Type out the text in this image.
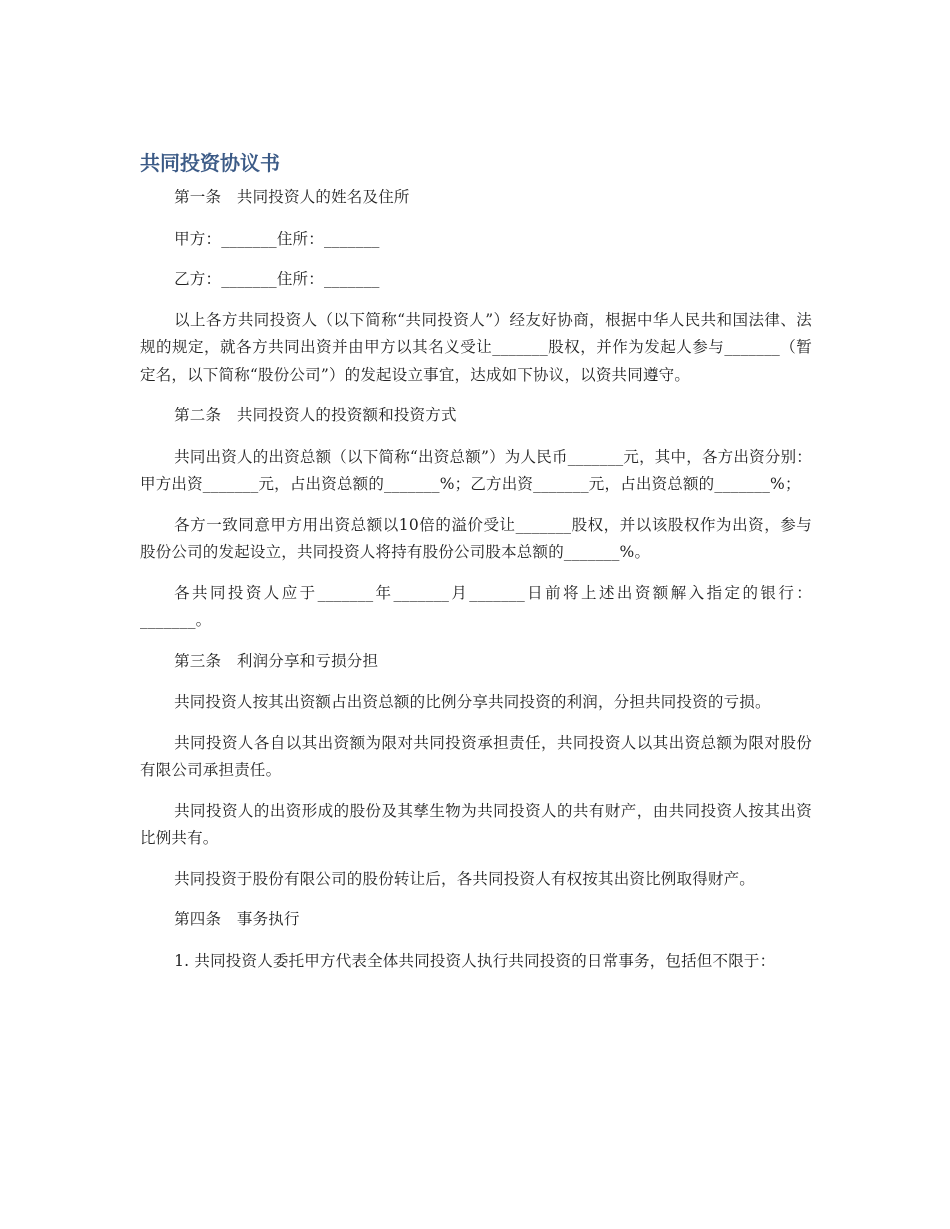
共同投资协议书

第一条　共同投资人的姓名及住所

甲方：_______住所：_______

乙方：_______住所：_______

以上各方共同投资人（以下简称“共同投资人”）经友好协商，根据中华人民共和国法律、法规的规定，就各方共同出资并由甲方以其名义受让_______股权，并作为发起人参与_______（暂定名，以下简称“股份公司”）的发起设立事宜，达成如下协议，以资共同遵守。

第二条　共同投资人的投资额和投资方式

共同出资人的出资总额（以下简称“出资总额”）为人民币_______元，其中，各方出资分别：甲方出资_______元，占出资总额的_______%；乙方出资_______元，占出资总额的_______%；

各方一致同意甲方用出资总额以10倍的溢价受让_______股权，并以该股权作为出资，参与股份公司的发起设立，共同投资人将持有股份公司股本总额的_______%。

各共同投资人应于_______年_______月_______日前将上述出资额解入指定的银行：_______。

第三条　利润分享和亏损分担

共同投资人按其出资额占出资总额的比例分享共同投资的利润，分担共同投资的亏损。

共同投资人各自以其出资额为限对共同投资承担责任，共同投资人以其出资总额为限对股份有限公司承担责任。

共同投资人的出资形成的股份及其孳生物为共同投资人的共有财产，由共同投资人按其出资比例共有。

共同投资于股份有限公司的股份转让后，各共同投资人有权按其出资比例取得财产。

第四条　事务执行

1. 共同投资人委托甲方代表全体共同投资人执行共同投资的日常事务，包括但不限于：
